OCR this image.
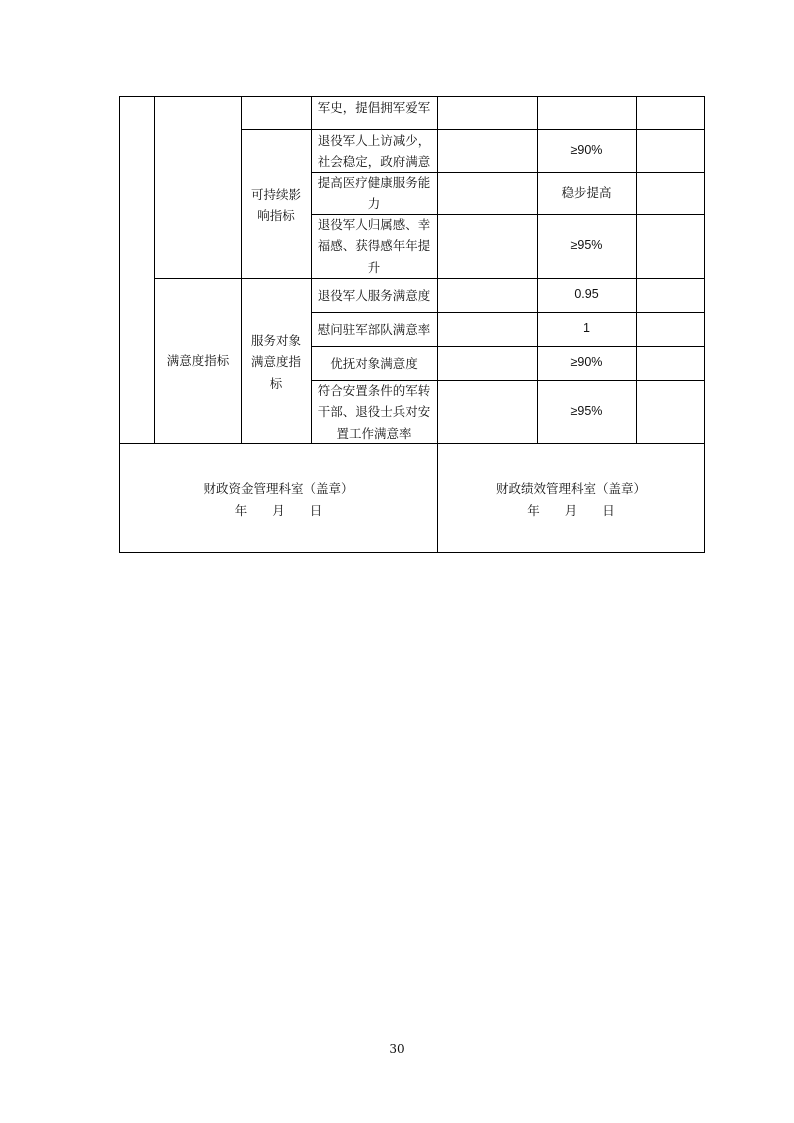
可持续影响指标
满意度指标
服务对象满意度指标
军史，提倡拥军爱军
退役军人上访减少，社会稳定，政府满意
提高医疗健康服务能力
退役军人归属感、幸福感、获得感年年提升
退役军人服务满意度
慰问驻军部队满意率
优抚对象满意度
符合安置条件的军转干部、退役士兵对安置工作满意率
≥90%
稳步提高
≥95%
0.95
1
≥90%
≥95%
财政资金管理科室（盖章）
年　　月　　日
财政绩效管理科室（盖章）
年　　月　　日
30
